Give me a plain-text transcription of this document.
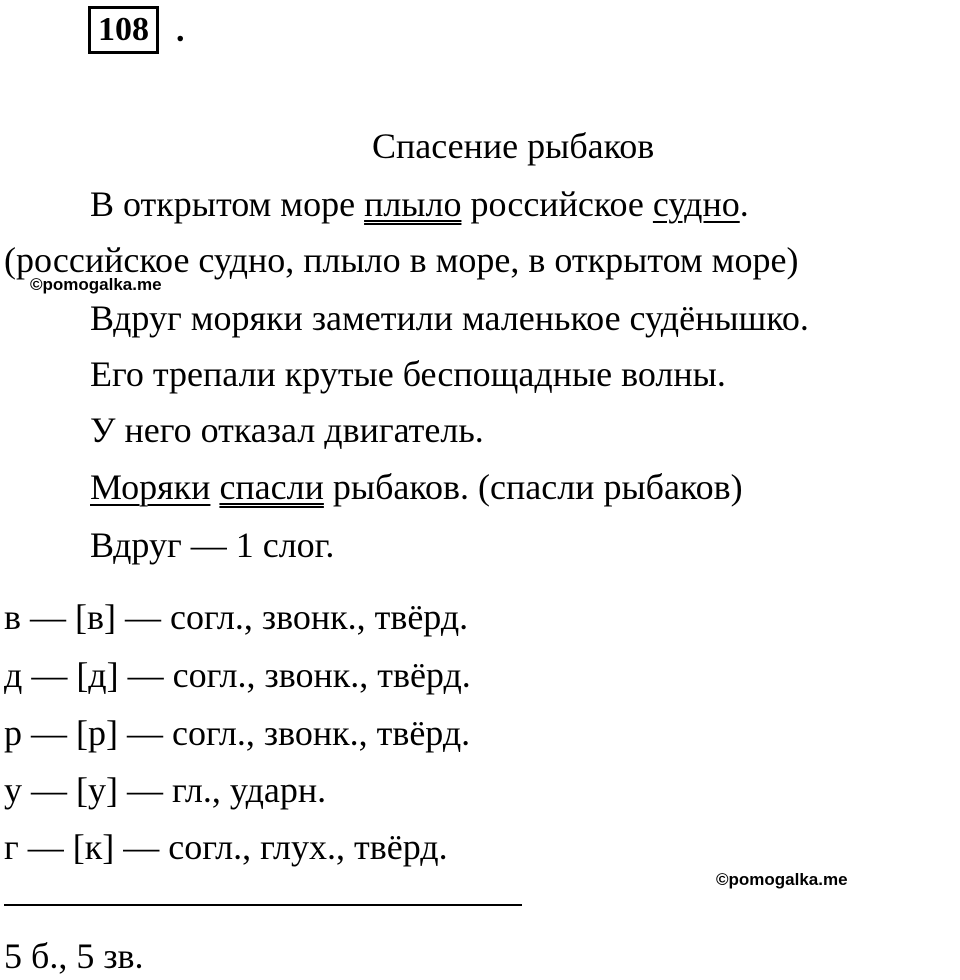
108 .
Спасение рыбаков
В открытом море плыло российское судно.
(российское судно, плыло в море, в открытом море)
©pomogalka.me
Вдруг моряки заметили маленькое судёнышко.
Его трепали крутые беспощадные волны.
У него отказал двигатель.
Моряки спасли рыбаков. (спасли рыбаков)
Вдруг — 1 слог.
в — [в] — согл., звонк., твёрд.
д — [д] — согл., звонк., твёрд.
р — [р] — согл., звонк., твёрд.
у — [у] — гл., ударн.
г — [к] — согл., глух., твёрд.
©pomogalka.me
5 б., 5 зв.
